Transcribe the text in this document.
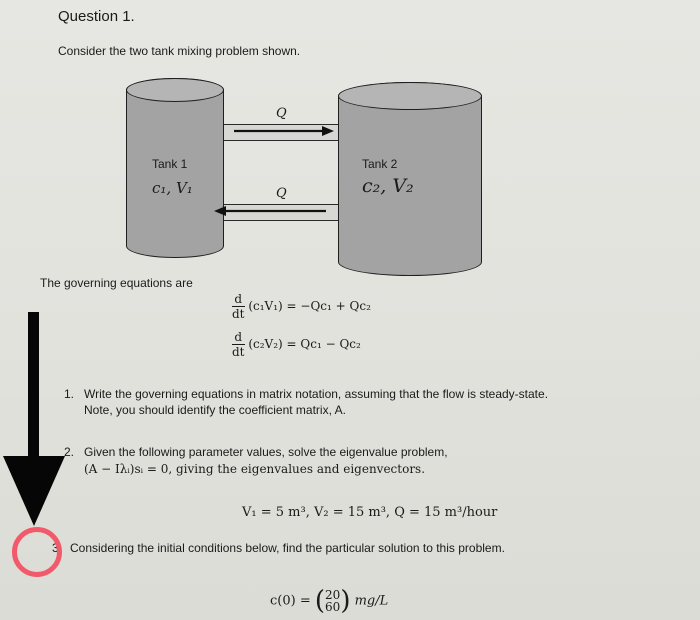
Question 1.
Consider the two tank mixing problem shown.
Q
Q
Tank 1
c₁, V₁
Tank 2
c₂, V₂
The governing equations are
$\frac{d}{dt} (c_1V_1) = -Qc_1 + Qc_2$
$\frac{d}{dt} (c_2V_2) = Qc_1 - Qc_2$
1. Write the governing equations in matrix notation, assuming that the flow is steady-state. Note, you should identify the coefficient matrix, A.
2. Given the following parameter values, solve the eigenvalue problem,
(A − Iλᵢ)sᵢ = 0, giving the eigenvalues and eigenvectors.
V₁ = 5 m³, V₂ = 15 m³, Q = 15 m³/hour
3. Considering the initial conditions below, find the particular solution to this problem.
c(0) = ( 20
60 ) mg/L
